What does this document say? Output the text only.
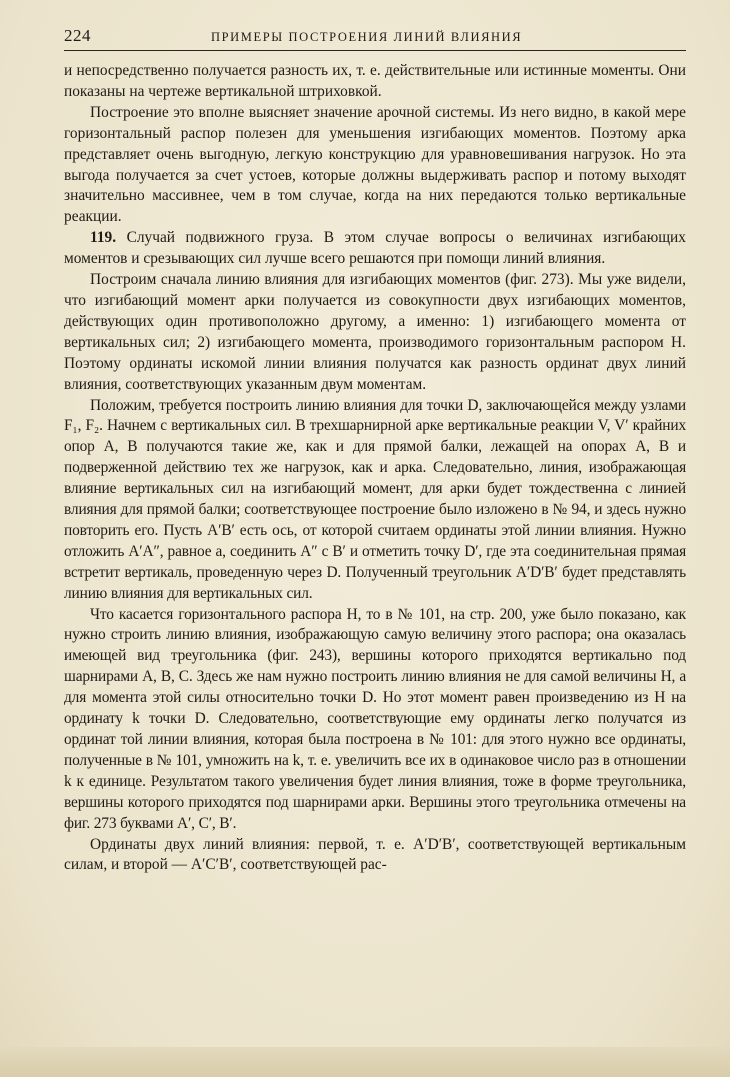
224	ПРИМЕРЫ ПОСТРОЕНИЯ ЛИНИЙ ВЛИЯНИЯ

и непосредственно получается разность их, т. е. действительные или истинные моменты. Они показаны на чертеже вертикальной штриховкой.

Построение это вполне выясняет значение арочной системы. Из него видно, в какой мере горизонтальный распор полезен для уменьшения изгибающих моментов. Поэтому арка представляет очень выгодную, легкую конструкцию для уравновешивания нагрузок. Но эта выгода получается за счет устоев, которые должны выдерживать распор и потому выходят значительно массивнее, чем в том случае, когда на них передаются только вертикальные реакции.

119. Случай подвижного груза. В этом случае вопросы о величинах изгибающих моментов и срезывающих сил лучше всего решаются при помощи линий влияния.

Построим сначала линию влияния для изгибающих моментов (фиг. 273). Мы уже видели, что изгибающий момент арки получается из совокупности двух изгибающих моментов, действующих один противоположно другому, а именно: 1) изгибающего момента от вертикальных сил; 2) изгибающего момента, производимого горизонтальным распором H. Поэтому ординаты искомой линии влияния получатся как разность ординат двух линий влияния, соответствующих указанным двум моментам.

Положим, требуется построить линию влияния для точки D, заключающейся между узлами F₁, F₂. Начнем с вертикальных сил. В трехшарнирной арке вертикальные реакции V, V′ крайних опор A, B получаются такие же, как и для прямой балки, лежащей на опорах A, B и подверженной действию тех же нагрузок, как и арка. Следовательно, линия, изображающая влияние вертикальных сил на изгибающий момент, для арки будет тождественна с линией влияния для прямой балки; соответствующее построение было изложено в № 94, и здесь нужно повторить его. Пусть A′B′ есть ось, от которой считаем ординаты этой линии влияния. Нужно отложить A′A″, равное a, соединить A″ с B′ и отметить точку D′, где эта соединительная прямая встретит вертикаль, проведенную через D. Полученный треугольник A′D′B′ будет представлять линию влияния для вертикальных сил.

Что касается горизонтального распора H, то в № 101, на стр. 200, уже было показано, как нужно строить линию влияния, изображающую самую величину этого распора; она оказалась имеющей вид треугольника (фиг. 243), вершины которого приходятся вертикально под шарнирами A, B, C. Здесь же нам нужно построить линию влияния не для самой величины H, а для момента этой силы относительно точки D. Но этот момент равен произведению из H на ординату k точки D. Следовательно, соответствующие ему ординаты легко получатся из ординат той линии влияния, которая была построена в № 101: для этого нужно все ординаты, полученные в № 101, умножить на k, т. е. увеличить все их в одинаковое число раз в отношении k к единице. Результатом такого увеличения будет линия влияния, тоже в форме треугольника, вершины которого приходятся под шарнирами арки. Вершины этого треугольника отмечены на фиг. 273 буквами A′, C′, B′.

Ординаты двух линий влияния: первой, т. е. A′D′B′, соответствующей вертикальным силам, и второй — A′C′B′, соответствующей рас-
